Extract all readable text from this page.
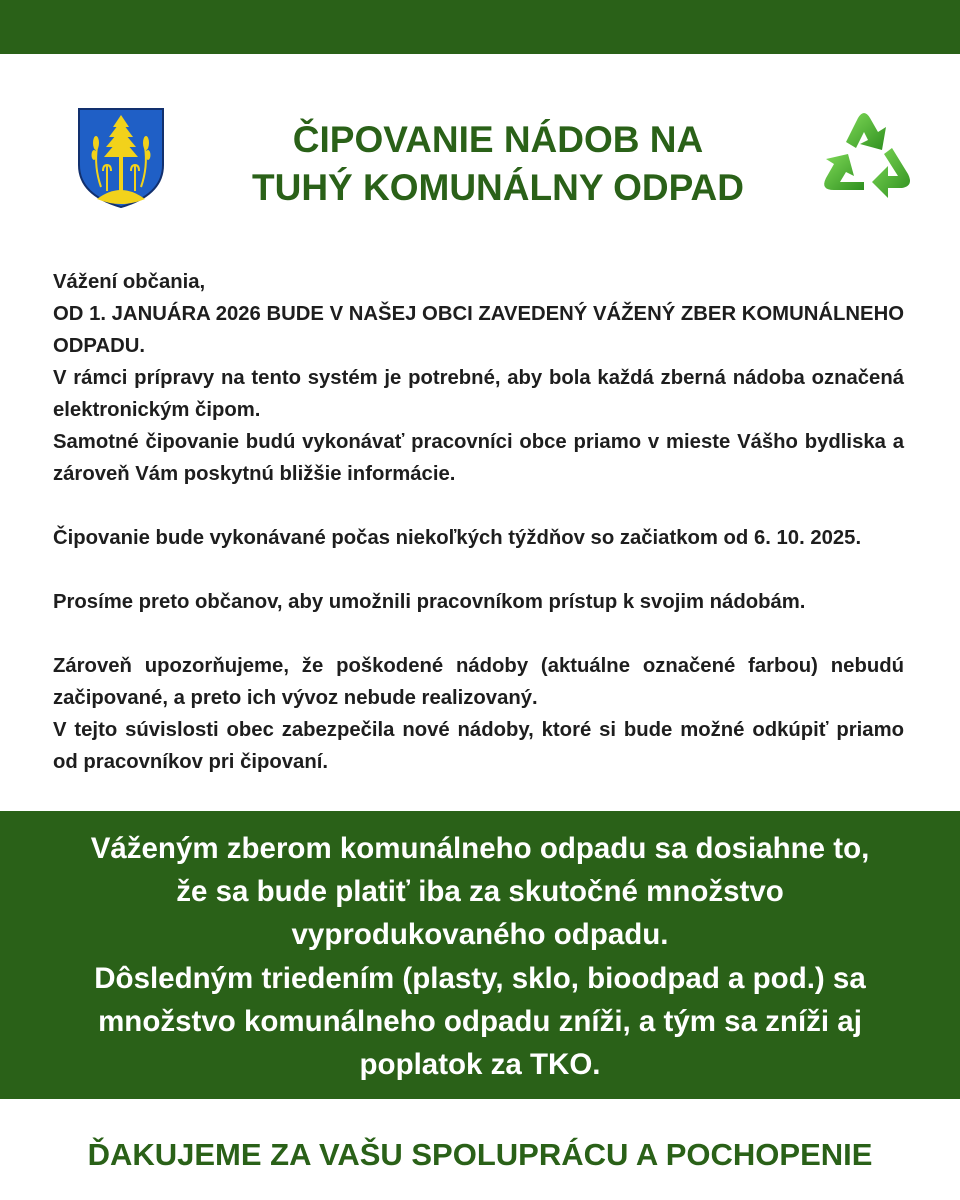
ČIPOVANIE NÁDOB NA
TUHÝ KOMUNÁLNY ODPAD

Vážení občania,

OD 1. JANUÁRA 2026 BUDE V NAŠEJ OBCI ZAVEDENÝ VÁŽENÝ ZBER KOMUNÁLNEHO ODPADU.

V rámci prípravy na tento systém je potrebné, aby bola každá zberná nádoba označená elektronickým čipom.

Samotné čipovanie budú vykonávať pracovníci obce priamo v mieste Vášho bydliska a zároveň Vám poskytnú bližšie informácie.

Čipovanie bude vykonávané počas niekoľkých týždňov so začiatkom od 6. 10. 2025.

Prosíme preto občanov, aby umožnili pracovníkom prístup k svojim nádobám.

Zároveň upozorňujeme, že poškodené nádoby (aktuálne označené farbou) nebudú začipované, a preto ich vývoz nebude realizovaný.

V tejto súvislosti obec zabezpečila nové nádoby, ktoré si bude možné odkúpiť priamo od pracovníkov pri čipovaní.

Váženým zberom komunálneho odpadu sa dosiahne to,
že sa bude platiť iba za skutočné množstvo
vyprodukovaného odpadu.
Dôsledným triedením (plasty, sklo, bioodpad a pod.) sa
množstvo komunálneho odpadu zníži, a tým sa zníži aj
poplatok za TKO.
ĎAKUJEME ZA VAŠU SPOLUPRÁCU A POCHOPENIE
